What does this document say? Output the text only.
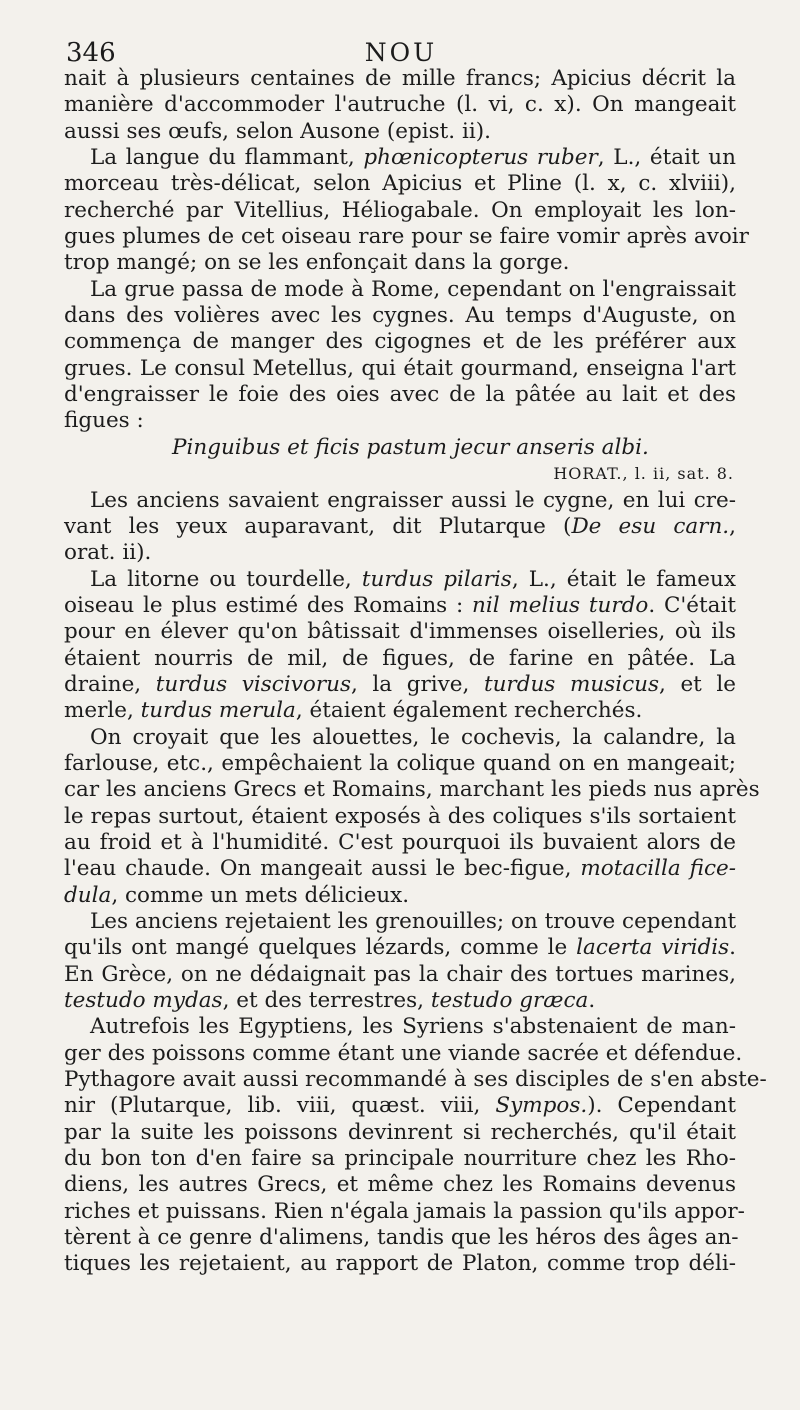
346	NOU
nait à plusieurs centaines de mille francs; Apicius décrit la
manière d'accommoder l'autruche (l. vi, c. x). On mangeait
aussi ses œufs, selon Ausone (epist. ii).
La langue du flammant, phœnicopterus ruber, L., était un
morceau très-délicat, selon Apicius et Pline (l. x, c. xlviii),
recherché par Vitellius, Héliogabale. On employait les lon-
gues plumes de cet oiseau rare pour se faire vomir après avoir
trop mangé; on se les enfonçait dans la gorge.
La grue passa de mode à Rome, cependant on l'engraissait
dans des volières avec les cygnes. Au temps d'Auguste, on
commença de manger des cigognes et de les préférer aux
grues. Le consul Metellus, qui était gourmand, enseigna l'art
d'engraisser le foie des oies avec de la pâtée au lait et des
figues :
Pinguibus et ficis pastum jecur anseris albi.
HORAT., l. ii, sat. 8.
Les anciens savaient engraisser aussi le cygne, en lui cre-
vant les yeux auparavant, dit Plutarque (De esu carn.,
orat. ii).
La litorne ou tourdelle, turdus pilaris, L., était le fameux
oiseau le plus estimé des Romains : nil melius turdo. C'était
pour en élever qu'on bâtissait d'immenses oiselleries, où ils
étaient nourris de mil, de figues, de farine en pâtée. La
draine, turdus viscivorus, la grive, turdus musicus, et le
merle, turdus merula, étaient également recherchés.
On croyait que les alouettes, le cochevis, la calandre, la
farlouse, etc., empêchaient la colique quand on en mangeait;
car les anciens Grecs et Romains, marchant les pieds nus après
le repas surtout, étaient exposés à des coliques s'ils sortaient
au froid et à l'humidité. C'est pourquoi ils buvaient alors de
l'eau chaude. On mangeait aussi le bec-figue, motacilla fice-
dula, comme un mets délicieux.
Les anciens rejetaient les grenouilles; on trouve cependant
qu'ils ont mangé quelques lézards, comme le lacerta viridis.
En Grèce, on ne dédaignait pas la chair des tortues marines,
testudo mydas, et des terrestres, testudo græca.
Autrefois les Egyptiens, les Syriens s'abstenaient de man-
ger des poissons comme étant une viande sacrée et défendue.
Pythagore avait aussi recommandé à ses disciples de s'en abste-
nir (Plutarque, lib. viii, quæst. viii, Sympos.). Cependant
par la suite les poissons devinrent si recherchés, qu'il était
du bon ton d'en faire sa principale nourriture chez les Rho-
diens, les autres Grecs, et même chez les Romains devenus
riches et puissans. Rien n'égala jamais la passion qu'ils appor-
tèrent à ce genre d'alimens, tandis que les héros des âges an-
tiques les rejetaient, au rapport de Platon, comme trop déli-
